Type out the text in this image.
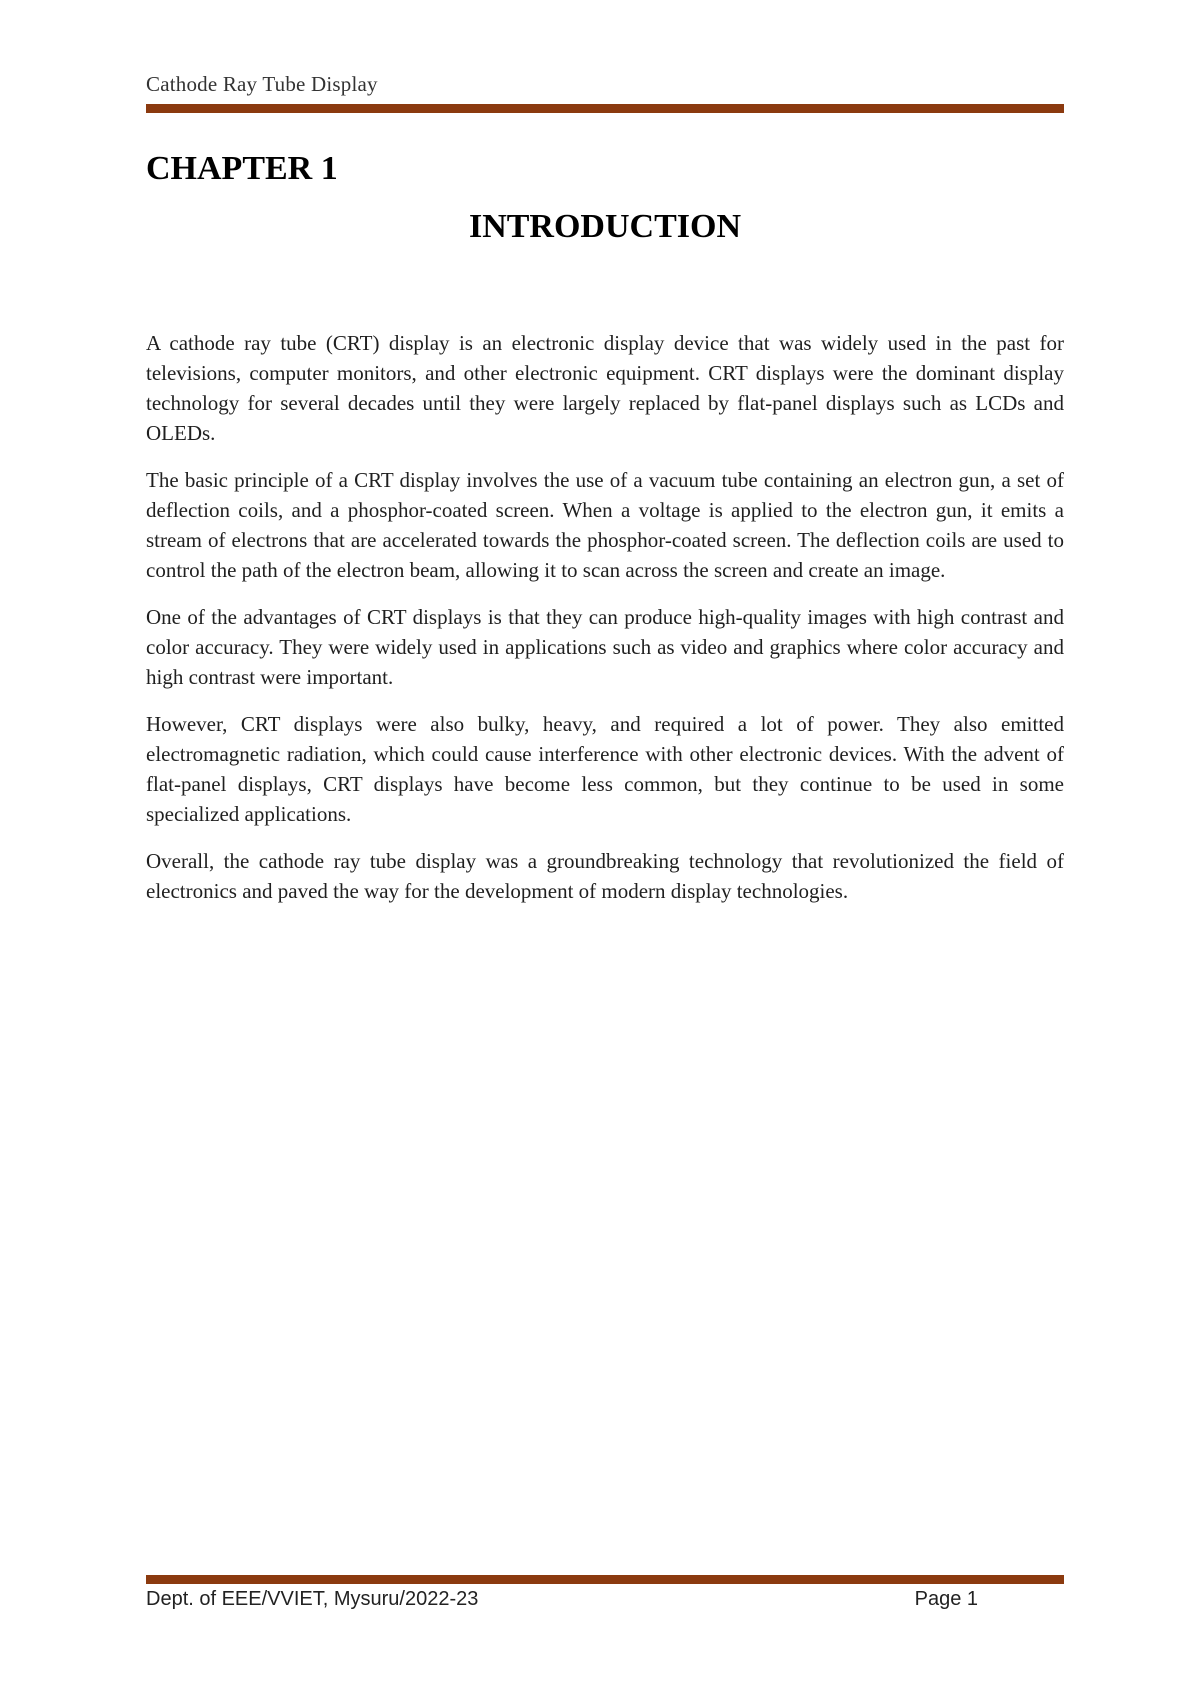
Cathode Ray Tube Display
CHAPTER 1
INTRODUCTION

A cathode ray tube (CRT) display is an electronic display device that was widely used in the past for televisions, computer monitors, and other electronic equipment. CRT displays were the dominant display technology for several decades until they were largely replaced by flat-panel displays such as LCDs and OLEDs.

The basic principle of a CRT display involves the use of a vacuum tube containing an electron gun, a set of deflection coils, and a phosphor-coated screen. When a voltage is applied to the electron gun, it emits a stream of electrons that are accelerated towards the phosphor-coated screen. The deflection coils are used to control the path of the electron beam, allowing it to scan across the screen and create an image.

One of the advantages of CRT displays is that they can produce high-quality images with high contrast and color accuracy. They were widely used in applications such as video and graphics where color accuracy and high contrast were important.

However, CRT displays were also bulky, heavy, and required a lot of power. They also emitted electromagnetic radiation, which could cause interference with other electronic devices. With the advent of flat-panel displays, CRT displays have become less common, but they continue to be used in some specialized applications.

Overall, the cathode ray tube display was a groundbreaking technology that revolutionized the field of electronics and paved the way for the development of modern display technologies.

Dept. of EEE/VVIET, Mysuru/2022-23	Page 1
